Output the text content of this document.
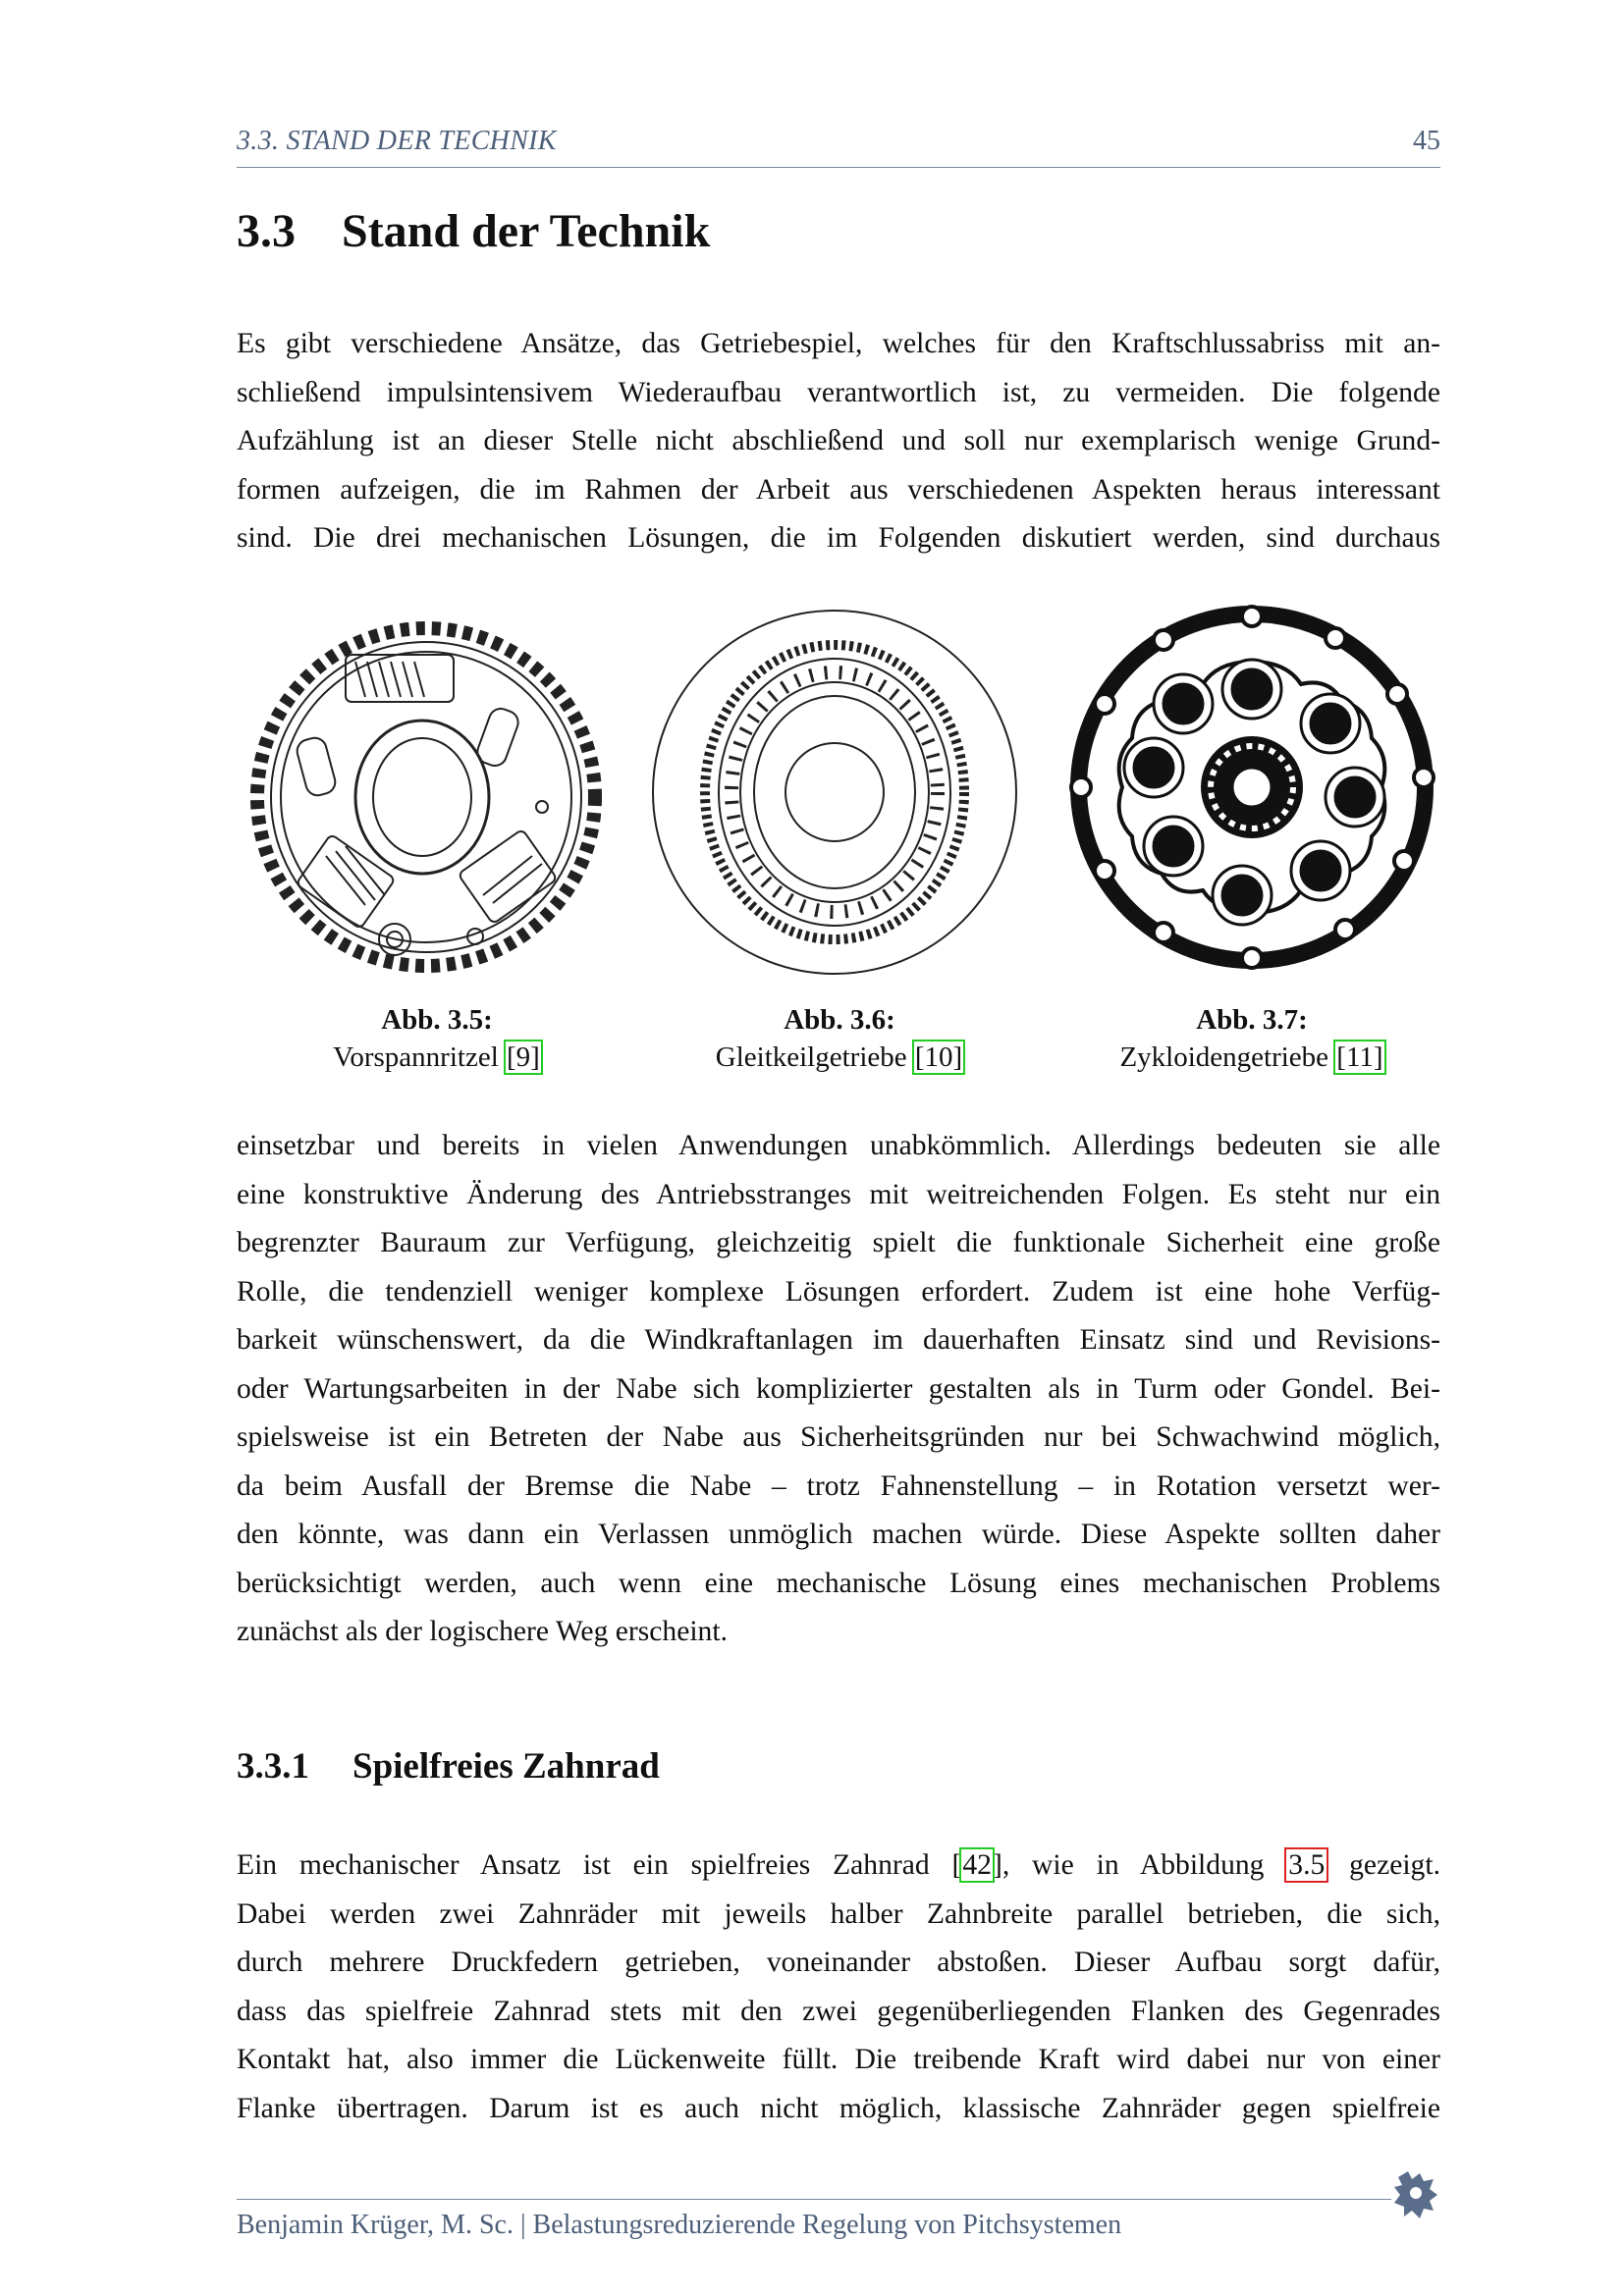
3.3. STAND DER TECHNIK	45
3.3 Stand der Technik
Es gibt verschiedene Ansätze, das Getriebespiel, welches für den Kraftschlussabriss mit an-
schließend impulsintensivem Wiederaufbau verantwortlich ist, zu vermeiden. Die folgende
Aufzählung ist an dieser Stelle nicht abschließend und soll nur exemplarisch wenige Grund-
formen aufzeigen, die im Rahmen der Arbeit aus verschiedenen Aspekten heraus interessant
sind. Die drei mechanischen Lösungen, die im Folgenden diskutiert werden, sind durchaus
Abb. 3.5:
Vorspannritzel [9]
Abb. 3.6:
Gleitkeilgetriebe [10]
Abb. 3.7:
Zykloidengetriebe [11]
einsetzbar und bereits in vielen Anwendungen unabkömmlich. Allerdings bedeuten sie alle
eine konstruktive Änderung des Antriebsstranges mit weitreichenden Folgen. Es steht nur ein
begrenzter Bauraum zur Verfügung, gleichzeitig spielt die funktionale Sicherheit eine große
Rolle, die tendenziell weniger komplexe Lösungen erfordert. Zudem ist eine hohe Verfüg-
barkeit wünschenswert, da die Windkraftanlagen im dauerhaften Einsatz sind und Revisions-
oder Wartungsarbeiten in der Nabe sich komplizierter gestalten als in Turm oder Gondel. Bei-
spielsweise ist ein Betreten der Nabe aus Sicherheitsgründen nur bei Schwachwind möglich,
da beim Ausfall der Bremse die Nabe – trotz Fahnenstellung – in Rotation versetzt wer-
den könnte, was dann ein Verlassen unmöglich machen würde. Diese Aspekte sollten daher
berücksichtigt werden, auch wenn eine mechanische Lösung eines mechanischen Problems
zunächst als der logischere Weg erscheint.
3.3.1 Spielfreies Zahnrad
Ein mechanischer Ansatz ist ein spielfreies Zahnrad [42], wie in Abbildung 3.5 gezeigt.
Dabei werden zwei Zahnräder mit jeweils halber Zahnbreite parallel betrieben, die sich,
durch mehrere Druckfedern getrieben, voneinander abstoßen. Dieser Aufbau sorgt dafür,
dass das spielfreie Zahnrad stets mit den zwei gegenüberliegenden Flanken des Gegenrades
Kontakt hat, also immer die Lückenweite füllt. Die treibende Kraft wird dabei nur von einer
Flanke übertragen. Darum ist es auch nicht möglich, klassische Zahnräder gegen spielfreie
Benjamin Krüger, M. Sc. | Belastungsreduzierende Regelung von Pitchsystemen
